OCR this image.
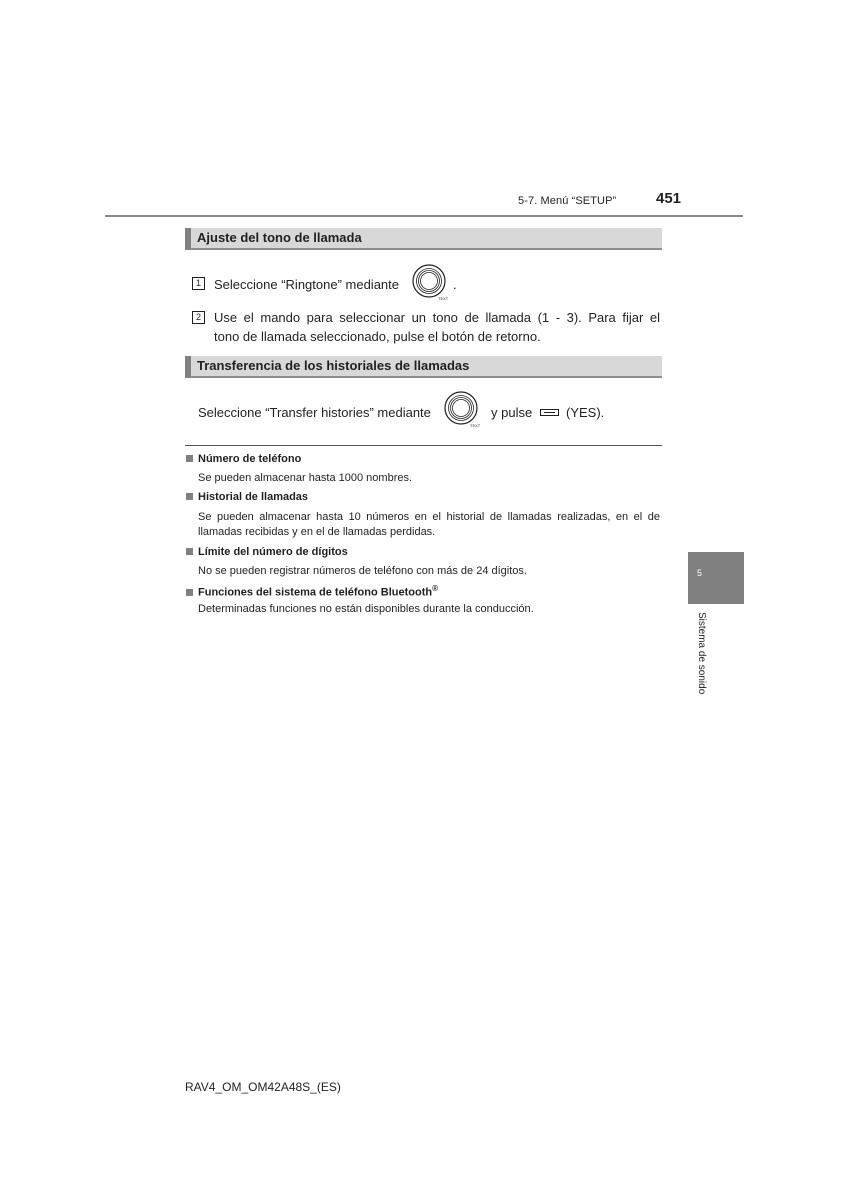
5-7. Menú “SETUP”	451
Ajuste del tono de llamada
1	Seleccione “Ringtone” mediante
TEXT
.
2	Use el mando para seleccionar un tono de llamada (1 - 3). Para fijar el
tono de llamada seleccionado, pulse el botón de retorno.
Transferencia de los historiales de llamadas
Seleccione “Transfer histories” mediante
TEXT
y pulse	(YES).
Número de teléfono
Se pueden almacenar hasta 1000 nombres.
Historial de llamadas
Se pueden almacenar hasta 10 números en el historial de llamadas realizadas, en el de llamadas recibidas y en el de llamadas perdidas.
Límite del número de dígitos
No se pueden registrar números de teléfono con más de 24 dígitos.
Funciones del sistema de teléfono Bluetooth®
Determinadas funciones no están disponibles durante la conducción.
5
Sistema de sonido
RAV4_OM_OM42A48S_(ES)
